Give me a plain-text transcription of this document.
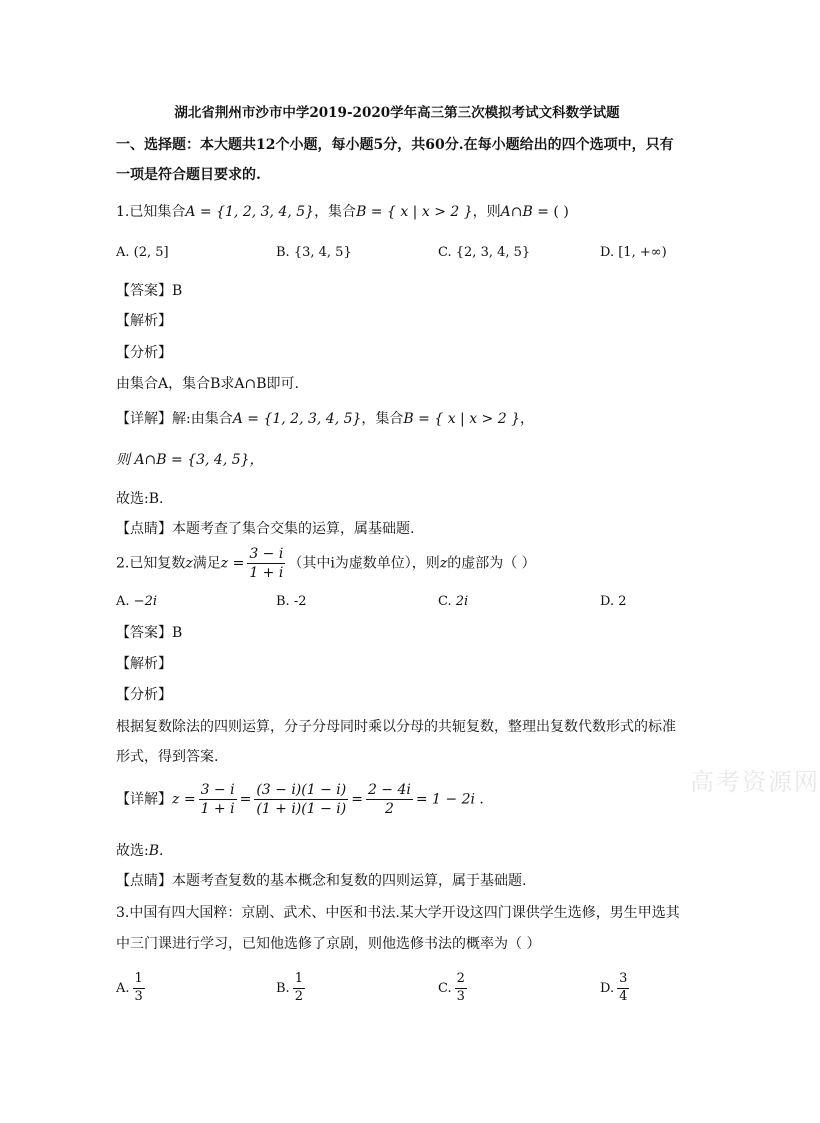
湖北省荆州市沙市中学2019-2020学年高三第三次模拟考试文科数学试题
一、选择题：本大题共12个小题，每小题5分，共60分.在每小题给出的四个选项中，只有
一项是符合题目要求的.
1.已知集合A = {1, 2, 3, 4, 5}，集合B = { x | x > 2 }，则A∩B = ( )
A. (2, 5]	B. {3, 4, 5}	C. {2, 3, 4, 5}	D. [1, +∞)
【答案】B
【解析】
【分析】
由集合A，集合B求A∩B即可.
【详解】解:由集合A = {1, 2, 3, 4, 5}，集合B = { x | x > 2 }，
则 A∩B = {3, 4, 5}，
故选:B.
【点睛】本题考查了集合交集的运算，属基础题.
2.已知复数z满足$z = \frac{3 - i}{1 + i}$ （其中i为虚数单位），则z的虚部为（ ）
A. −2i	B. -2	C. 2i	D. 2
【答案】B
【解析】
【分析】
根据复数除法的四则运算，分子分母同时乘以分母的共轭复数，整理出复数代数形式的标准
形式，得到答案.
【详解】$z = \frac{3 - i}{1 + i} = \frac{(3 - i)(1 - i)}{(1 + i)(1 - i)} = \frac{2 - 4i}{2} = 1 - 2i$ .
故选:B.
【点睛】本题考查复数的基本概念和复数的四则运算，属于基础题.
3.中国有四大国粹：京剧、武术、中医和书法.某大学开设这四门课供学生选修，男生甲选其
中三门课进行学习，已知他选修了京剧，则他选修书法的概率为（ ）
A. $\frac{1}{3}$	B. $\frac{1}{2}$	C. $\frac{2}{3}$	D. $\frac{3}{4}$
高考资源网
